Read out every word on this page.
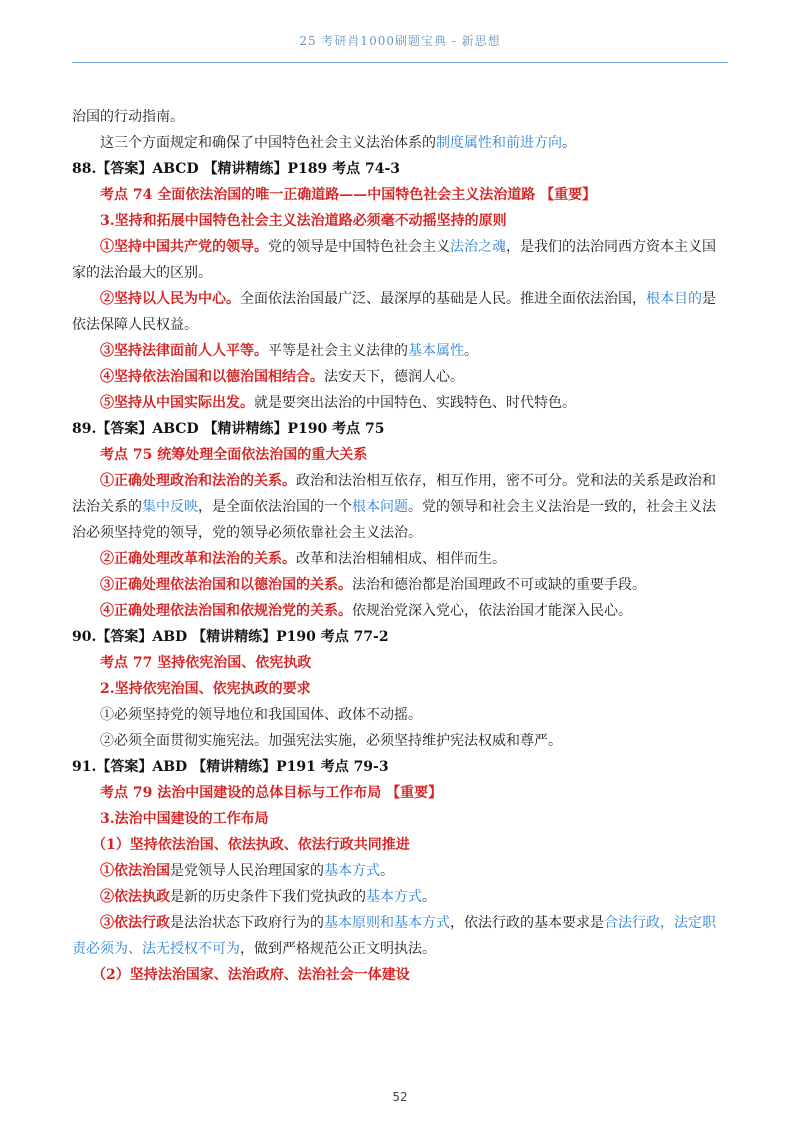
25 考研肖1000刷题宝典 - 新思想
治国的行动指南。
这三个方面规定和确保了中国特色社会主义法治体系的制度属性和前进方向。
88.【答案】ABCD 【精讲精练】P189 考点 74-3
考点 74 全面依法治国的唯一正确道路——中国特色社会主义法治道路 【重要】
3.坚持和拓展中国特色社会主义法治道路必须毫不动摇坚持的原则
①坚持中国共产党的领导。党的领导是中国特色社会主义法治之魂，是我们的法治同西方资本主义国
家的法治最大的区别。
②坚持以人民为中心。全面依法治国最广泛、最深厚的基础是人民。推进全面依法治国，根本目的是
依法保障人民权益。
③坚持法律面前人人平等。平等是社会主义法律的基本属性。
④坚持依法治国和以德治国相结合。法安天下，德润人心。
⑤坚持从中国实际出发。就是要突出法治的中国特色、实践特色、时代特色。
89.【答案】ABCD 【精讲精练】P190 考点 75
考点 75 统筹处理全面依法治国的重大关系
①正确处理政治和法治的关系。政治和法治相互依存，相互作用，密不可分。党和法的关系是政治和
法治关系的集中反映，是全面依法治国的一个根本问题。党的领导和社会主义法治是一致的，社会主义法
治必须坚持党的领导，党的领导必须依靠社会主义法治。
②正确处理改革和法治的关系。改革和法治相辅相成、相伴而生。
③正确处理依法治国和以德治国的关系。法治和德治都是治国理政不可或缺的重要手段。
④正确处理依法治国和依规治党的关系。依规治党深入党心，依法治国才能深入民心。
90.【答案】ABD 【精讲精练】P190 考点 77-2
考点 77 坚持依宪治国、依宪执政
2.坚持依宪治国、依宪执政的要求
①必须坚持党的领导地位和我国国体、政体不动摇。
②必须全面贯彻实施宪法。加强宪法实施，必须坚持维护宪法权威和尊严。
91.【答案】ABD 【精讲精练】P191 考点 79-3
考点 79 法治中国建设的总体目标与工作布局 【重要】
3.法治中国建设的工作布局
（1）坚持依法治国、依法执政、依法行政共同推进
①依法治国是党领导人民治理国家的基本方式。
②依法执政是新的历史条件下我们党执政的基本方式。
③依法行政是法治状态下政府行为的基本原则和基本方式，依法行政的基本要求是合法行政，法定职
责必须为、法无授权不可为，做到严格规范公正文明执法。
（2）坚持法治国家、法治政府、法治社会一体建设
52
